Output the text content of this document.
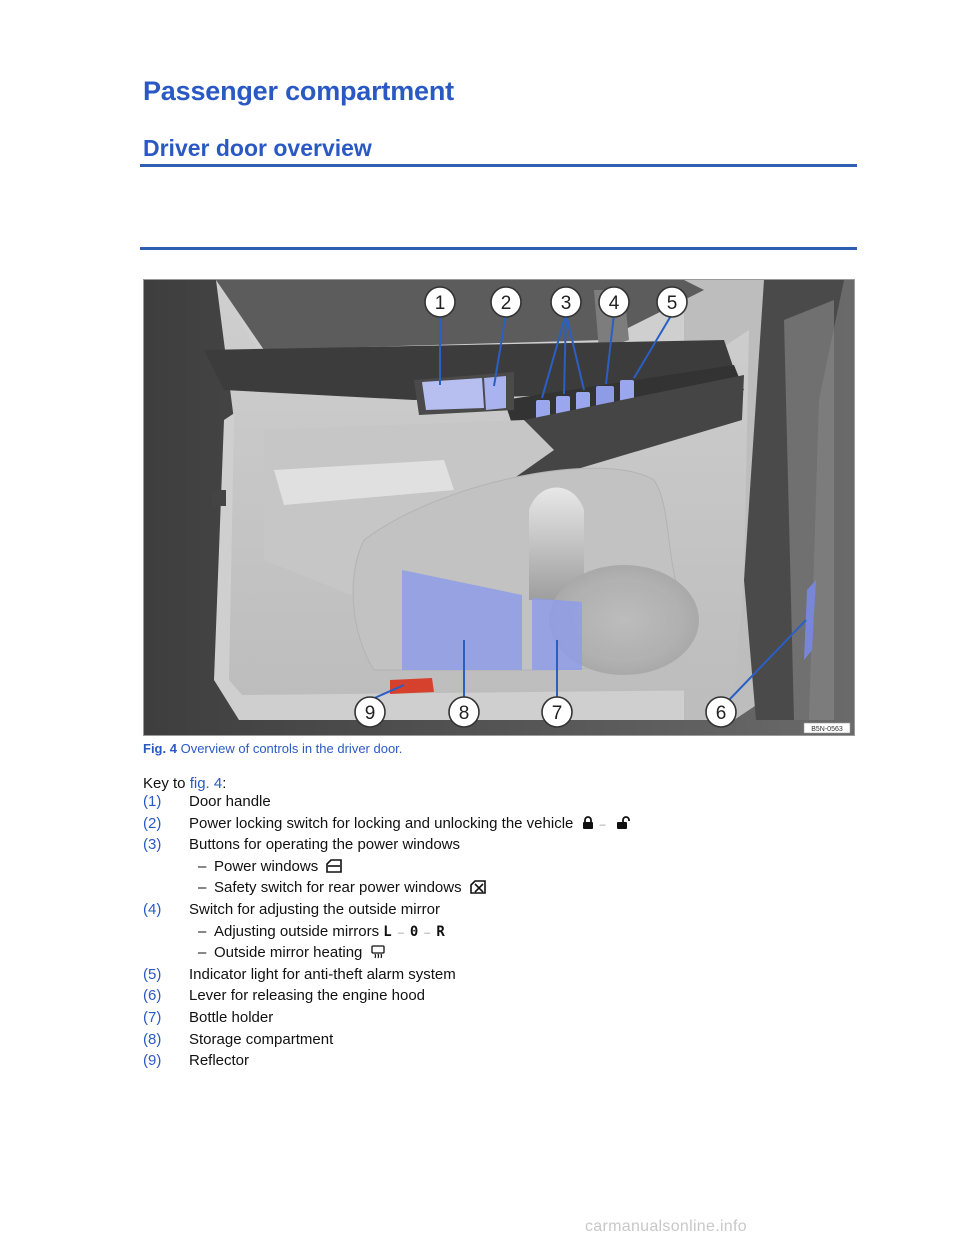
Passenger compartment
Driver door overview
1	2	3 4 5
6
7
8
9
B5N-0563
Fig. 4 Overview of controls in the driver door.
Key to fig. 4:
(1) Door handle
(2) Power locking switch for locking and unlocking the vehicle –
(3) Buttons for operating the power windows
– Power windows
– Safety switch for rear power windows
(4) Switch for adjusting the outside mirror
– Adjusting outside mirrors L – 0 – R
– Outside mirror heating
(5) Indicator light for anti-theft alarm system
(6) Lever for releasing the engine hood
(7) Bottle holder
(8) Storage compartment
(9) Reflector
carmanualsonline.info
